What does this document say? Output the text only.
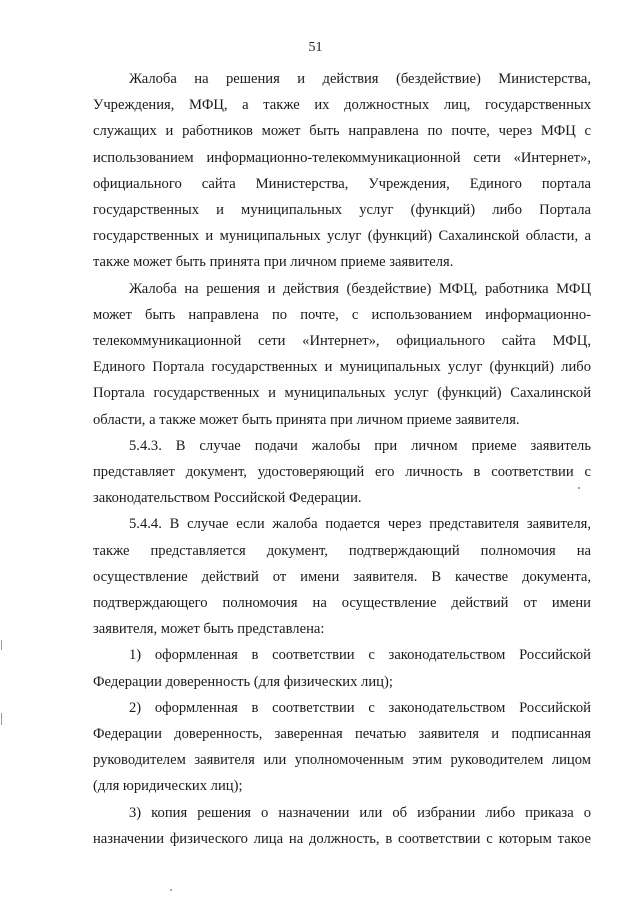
51
Жалоба на решения и действия (бездействие) Министерства,
Учреждения, МФЦ, а также их должностных лиц, государственных
служащих и работников может быть направлена по почте, через МФЦ с
использованием информационно-телекоммуникационной сети «Интернет»,
официального сайта Министерства, Учреждения, Единого портала
государственных и муниципальных услуг (функций) либо Портала
государственных и муниципальных услуг (функций) Сахалинской области, а
также может быть принята при личном приеме заявителя.
Жалоба на решения и действия (бездействие) МФЦ, работника МФЦ
может быть направлена по почте, с использованием информационно-
телекоммуникационной сети «Интернет», официального сайта МФЦ,
Единого Портала государственных и муниципальных услуг (функций) либо
Портала государственных и муниципальных услуг (функций) Сахалинской
области, а также может быть принята при личном приеме заявителя.
5.4.3. В случае подачи жалобы при личном приеме заявитель
представляет документ, удостоверяющий его личность в соответствии с
законодательством Российской Федерации.
5.4.4. В случае если жалоба подается через представителя заявителя,
также представляется документ, подтверждающий полномочия на
осуществление действий от имени заявителя. В качестве документа,
подтверждающего полномочия на осуществление действий от имени
заявителя, может быть представлена:
1) оформленная в соответствии с законодательством Российской
Федерации доверенность (для физических лиц);
2) оформленная в соответствии с законодательством Российской
Федерации доверенность, заверенная печатью заявителя и подписанная
руководителем заявителя или уполномоченным этим руководителем лицом
(для юридических лиц);
3) копия решения о назначении или об избрании либо приказа о
назначении физического лица на должность, в соответствии с которым такое
